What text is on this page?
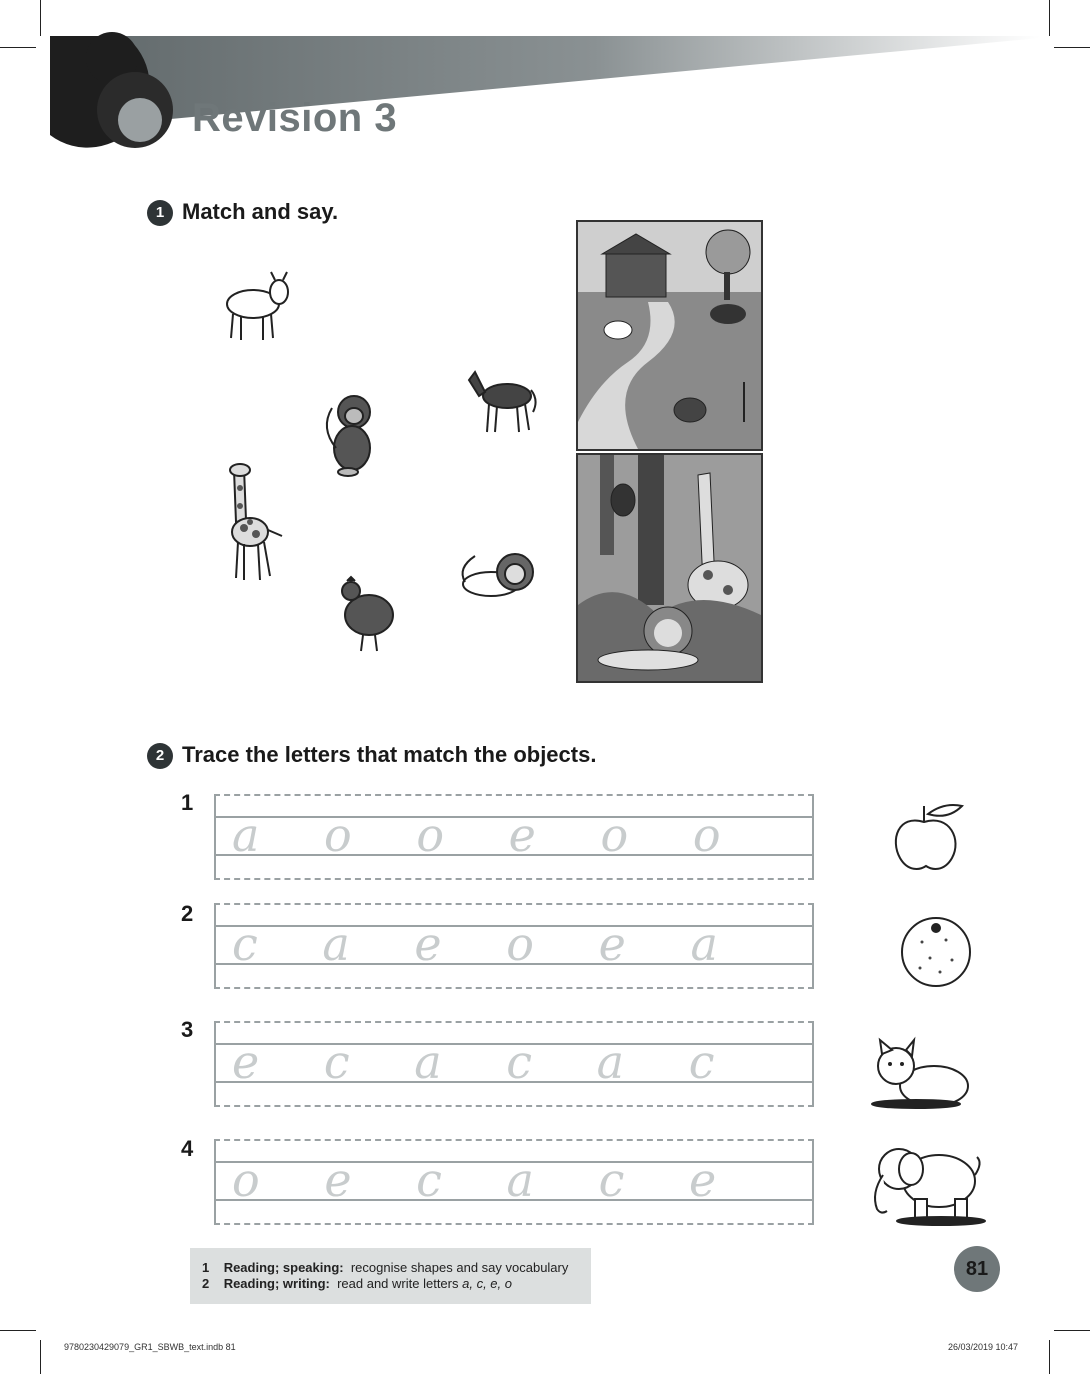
Revision 3
1 Match and say.
2 Trace the letters that match the objects.
1
a o o e o o
2
c a e o e a
3
e c a c a c
4
o e c a c e
1 Reading; speaking: recognise shapes and say vocabulary
2 Reading; writing: read and write letters a, c, e, o
81
9780230429079_GR1_SBWB_text.indb 81	26/03/2019 10:47
